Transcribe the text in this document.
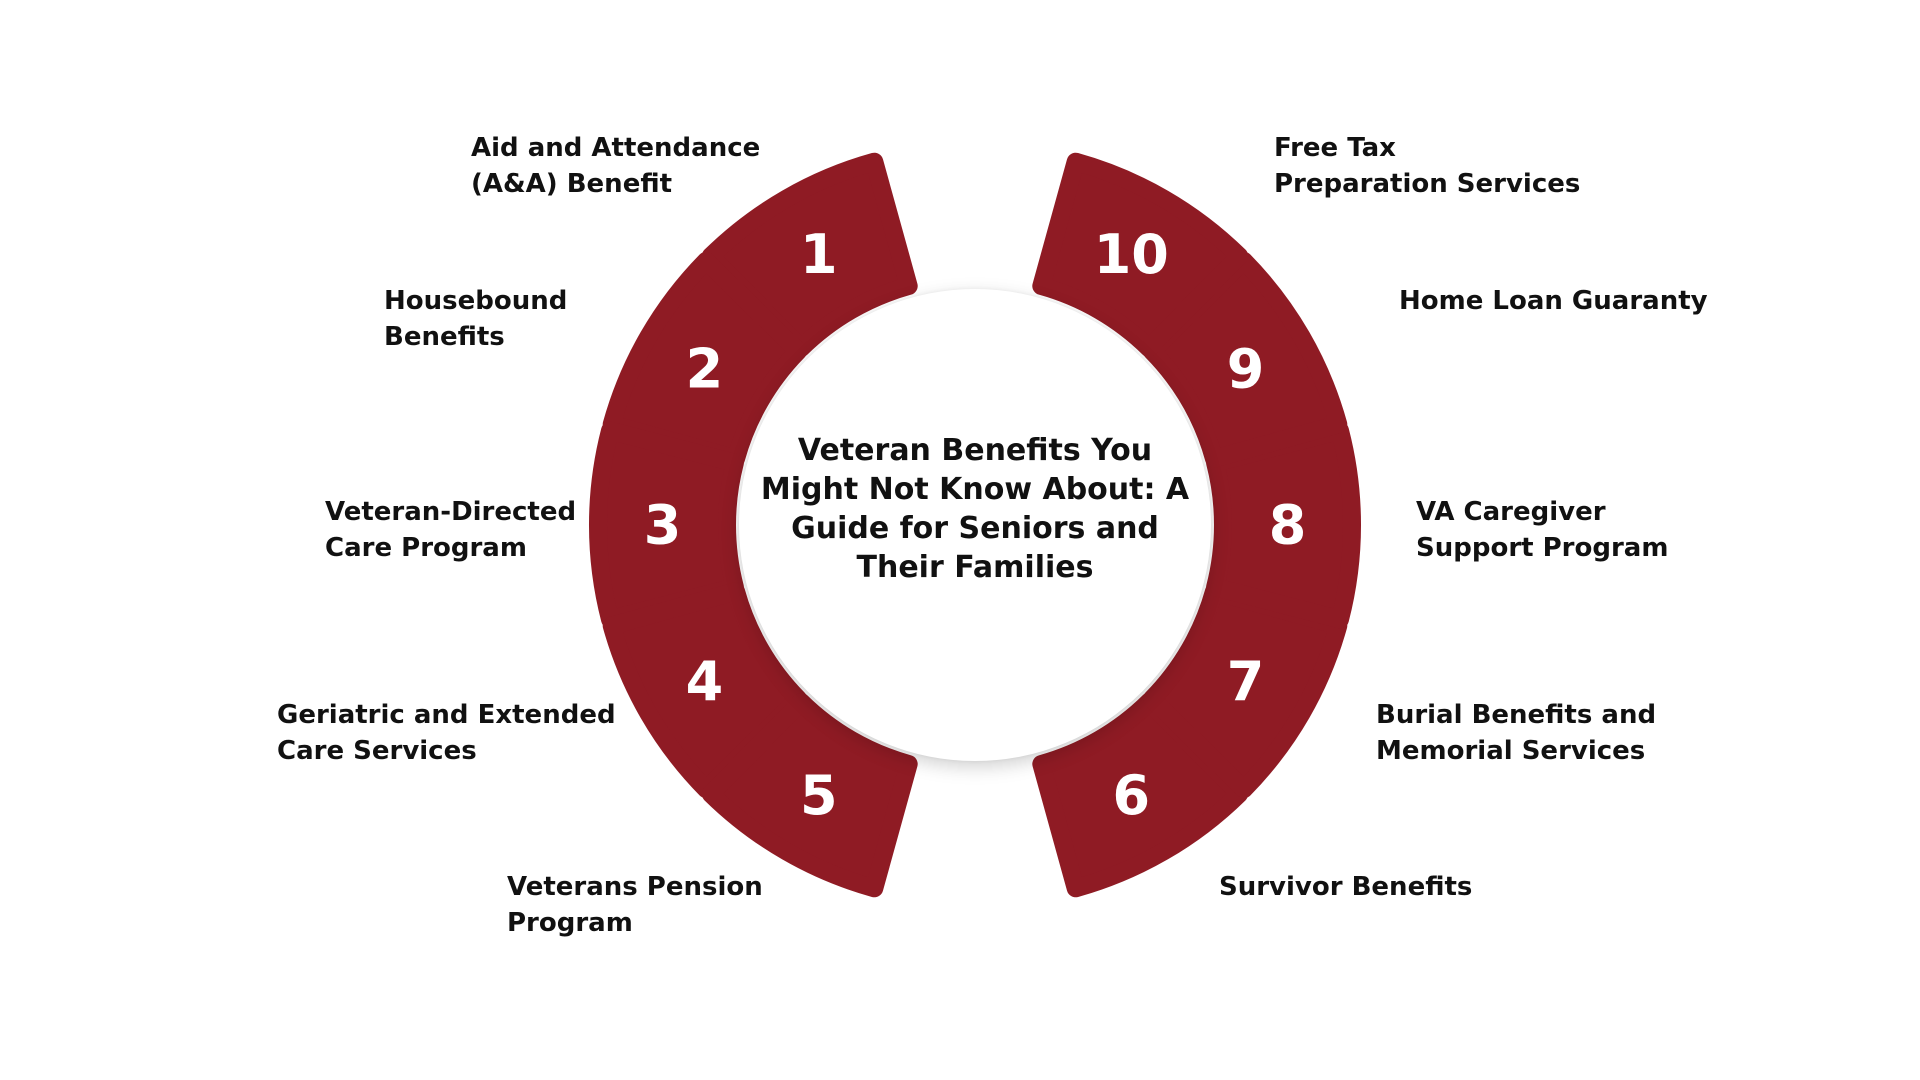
1
2
3
4
5	6
7
8
9
10
Veteran Benefits You Might Not Know About: A Guide for Seniors and Their Families
Aid and Attendance
(A&A) Benefit
Housebound
Benefits
Veteran-Directed
Care Program
Geriatric and Extended
Care Services
Veterans Pension
Program
Survivor Benefits
Burial Benefits and
Memorial Services
VA Caregiver
Support Program
Home Loan Guaranty
Free Tax
Preparation Services
